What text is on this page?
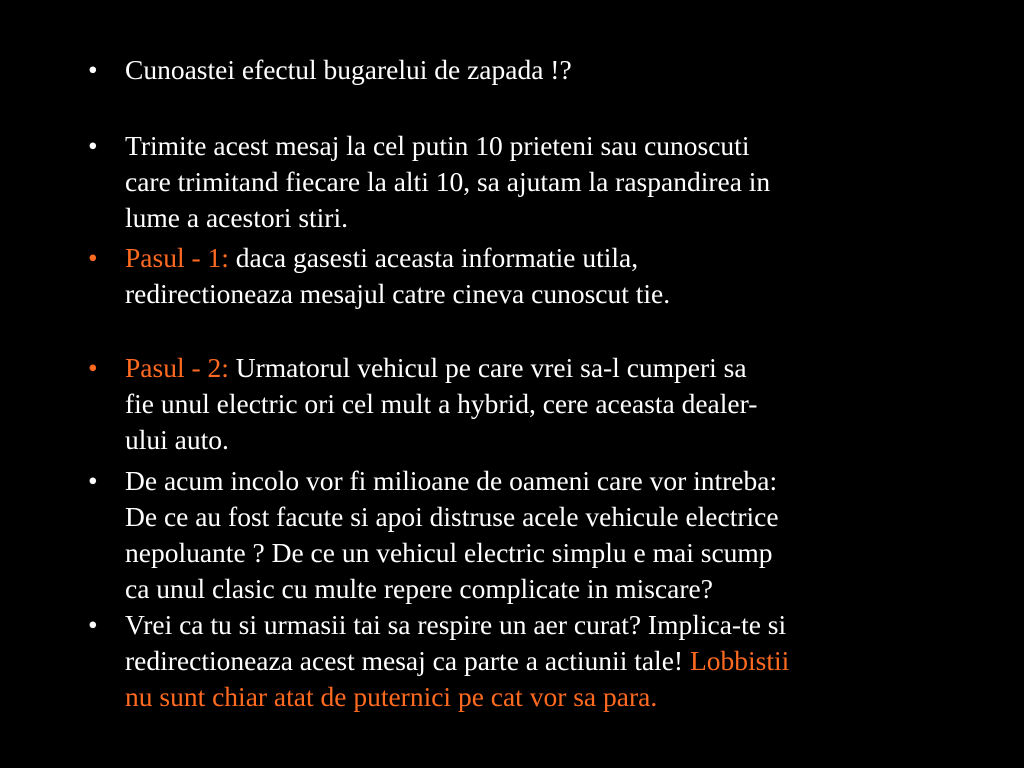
• Cunoastei efectul bugarelui de zapada !?
• Trimite acest mesaj la cel putin 10 prieteni sau cunoscuti
care trimitand fiecare la alti 10, sa ajutam la raspandirea in
lume a acestori stiri.
• Pasul - 1: daca gasesti aceasta informatie utila,
redirectioneaza mesajul catre cineva cunoscut tie.
• Pasul - 2: Urmatorul vehicul pe care vrei sa-l cumperi sa
fie unul electric ori cel mult a hybrid, cere aceasta dealer-
ului auto.
• De acum incolo vor fi milioane de oameni care vor intreba:
De ce au fost facute si apoi distruse acele vehicule electrice
nepoluante ? De ce un vehicul electric simplu e mai scump
ca unul clasic cu multe repere complicate in miscare?
• Vrei ca tu si urmasii tai sa respire un aer curat? Implica-te si
redirectioneaza acest mesaj ca parte a actiunii tale! Lobbistii
nu sunt chiar atat de puternici pe cat vor sa para.
